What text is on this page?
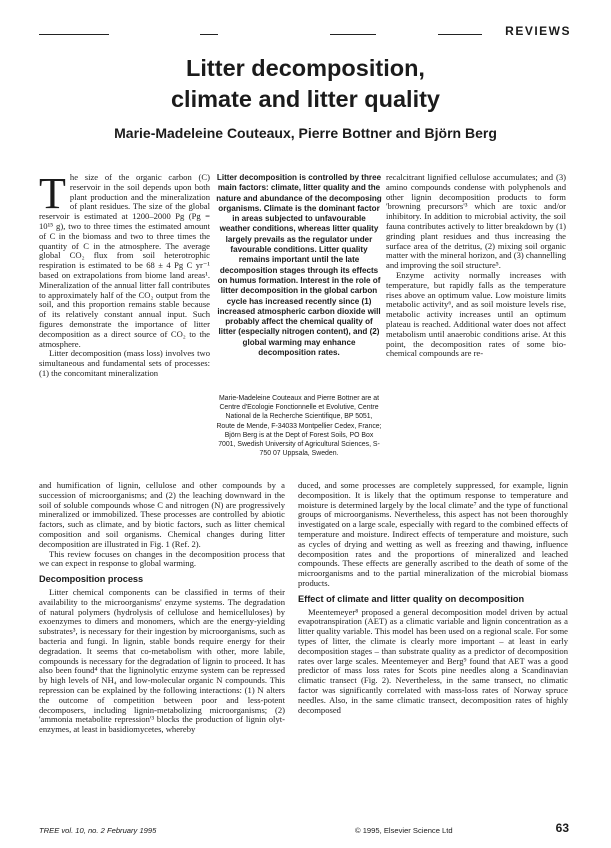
REVIEWS
Litter decomposition,
climate and litter quality
Marie-Madeleine Couteaux, Pierre Bottner and Björn Berg

T he size of the organic carbon (C) reservoir in the soil depends upon both plant production and the mineralization of plant residues. The size of the global reservoir is estimated at 1200–2000 Pg (Pg = 10¹⁵ g), two to three times the estimated amount of C in the biomass and two to three times the quantity of C in the atmosphere. The average global CO₂ flux from soil heterotrophic respiration is estimated to be 68 ± 4 Pg C yr⁻¹ based on extrapolations from biome land areas¹. Mineralization of the annual litter fall contributes to approximately half of the CO₂ output from the soil, and this proportion remains stable because of its relatively constant annual input. Such figures demonstrate the importance of litter decomposition as a direct source of CO₂ to the atmosphere.

Litter decomposition (mass loss) involves two simultaneous and fundamental sets of processes: (1) the concomitant mineralization

Litter decomposition is controlled by three main factors: climate, litter quality and the nature and abundance of the decomposing organisms. Climate is the dominant factor in areas subjected to unfavourable weather conditions, whereas litter quality largely prevails as the regulator under favourable conditions. Litter quality remains important until the late decomposition stages through its effects on humus formation. Interest in the role of litter decomposition in the global carbon cycle has increased recently since (1) increased atmospheric carbon dioxide will probably affect the chemical quality of litter (especially nitrogen content), and (2) global warming may enhance decomposition rates.
Marie-Madeleine Couteaux and Pierre Bottner are at Centre d'Ecologie Fonctionnelle et Evolutive, Centre National de la Recherche Scientifique, BP 5051, Route de Mende, F-34033 Montpellier Cedex, France; Björn Berg is at the Dept of Forest Soils, PO Box 7001, Swedish University of Agricultural Sciences, S-750 07 Uppsala, Sweden.

recalcitrant lignified cellulose accumulates; and (3) amino compounds condense with polyphenols and other lignin decomposition products to form 'browning precursors'³ which are toxic and/or inhibitory. In addition to microbial activity, the soil fauna contributes actively to litter breakdown by (1) grinding plant residues and thus increasing the surface area of the detritus, (2) mixing soil organic matter with the mineral horizon, and (3) channelling and improving the soil structure⁵.

Enzyme activity normally increases with temperature, but rapidly falls as the temperature rises above an optimum value. Low moisture limits metabolic activity⁶, and as soil moisture levels rise, metabolic activity increases until an optimum plateau is reached. Additional water does not affect metabolism until anaerobic conditions arise. At this point, the decomposition rates of some bio-chemical compounds are re-

and humification of lignin, cellulose and other compounds by a succession of microorganisms; and (2) the leaching downward in the soil of soluble compounds whose C and nitrogen (N) are progressively mineralized or immobilized. These processes are controlled by abiotic factors, such as climate, and by biotic factors, such as litter chemical composition and soil organisms. Chemical changes during litter decomposition are illustrated in Fig. 1 (Ref. 2).

This review focuses on changes in the decomposition process that we can expect in response to global warming.

Decomposition process

Litter chemical components can be classified in terms of their availability to the microorganisms' enzyme systems. The degradation of natural polymers (hydrolysis of cellulose and hemicelluloses) by exoenzymes to dimers and monomers, which are the energy-yielding substrates³, is necessary for their ingestion by microorganisms, such as bacteria and fungi. In lignin, stable bonds require energy for their degradation. It seems that co-metabolism with other, more labile, compounds is necessary for the degradation of lignin to proceed. It has also been found⁴ that the ligninolytic enzyme system can be repressed by high levels of NH₄ and low-molecular organic N compounds. This repression can be explained by the following interactions: (1) N alters the outcome of competition between poor and less-potent decomposers, including lignin-metabolizing microorganisms; (2) 'ammonia metabolite repression'³ blocks the production of lignin olyt-enzymes, at least in basidiomycetes, whereby

duced, and some processes are completely suppressed, for example, lignin decomposition. It is likely that the optimum response to temperature and moisture is determined largely by the local climate⁷ and the type of functional groups of microorganisms. Nevertheless, this aspect has not been thoroughly investigated on a large scale, especially with regard to the combined effects of temperature and moisture. Indirect effects of temperature and moisture, such as cycles of drying and wetting as well as freezing and thawing, influence decomposition rates and the proportions of mineralized and leached compounds. These effects are generally ascribed to the death of some of the microorganisms and to the partial mineralization of the microbial biomass products.

Effect of climate and litter quality on decomposition

Meentemeyer⁸ proposed a general decomposition model driven by actual evapotranspiration (AET) as a climatic variable and lignin concentration as a litter quality variable. This model has been used on a regional scale. For some types of litter, the climate is clearly more important – at least in early decomposition stages – than substrate quality as a predictor of decomposition rates over large scales. Meentemeyer and Berg⁹ found that AET was a good predictor of mass loss rates for Scots pine needles along a Scandinavian climatic transect (Fig. 2). Nevertheless, in the same transect, no climatic factor was significantly correlated with mass-loss rates of Norway spruce needles. Also, in the same climatic transect, decomposition rates of highly decomposed

TREE vol. 10, no. 2 February 1995	© 1995, Elsevier Science Ltd	63
